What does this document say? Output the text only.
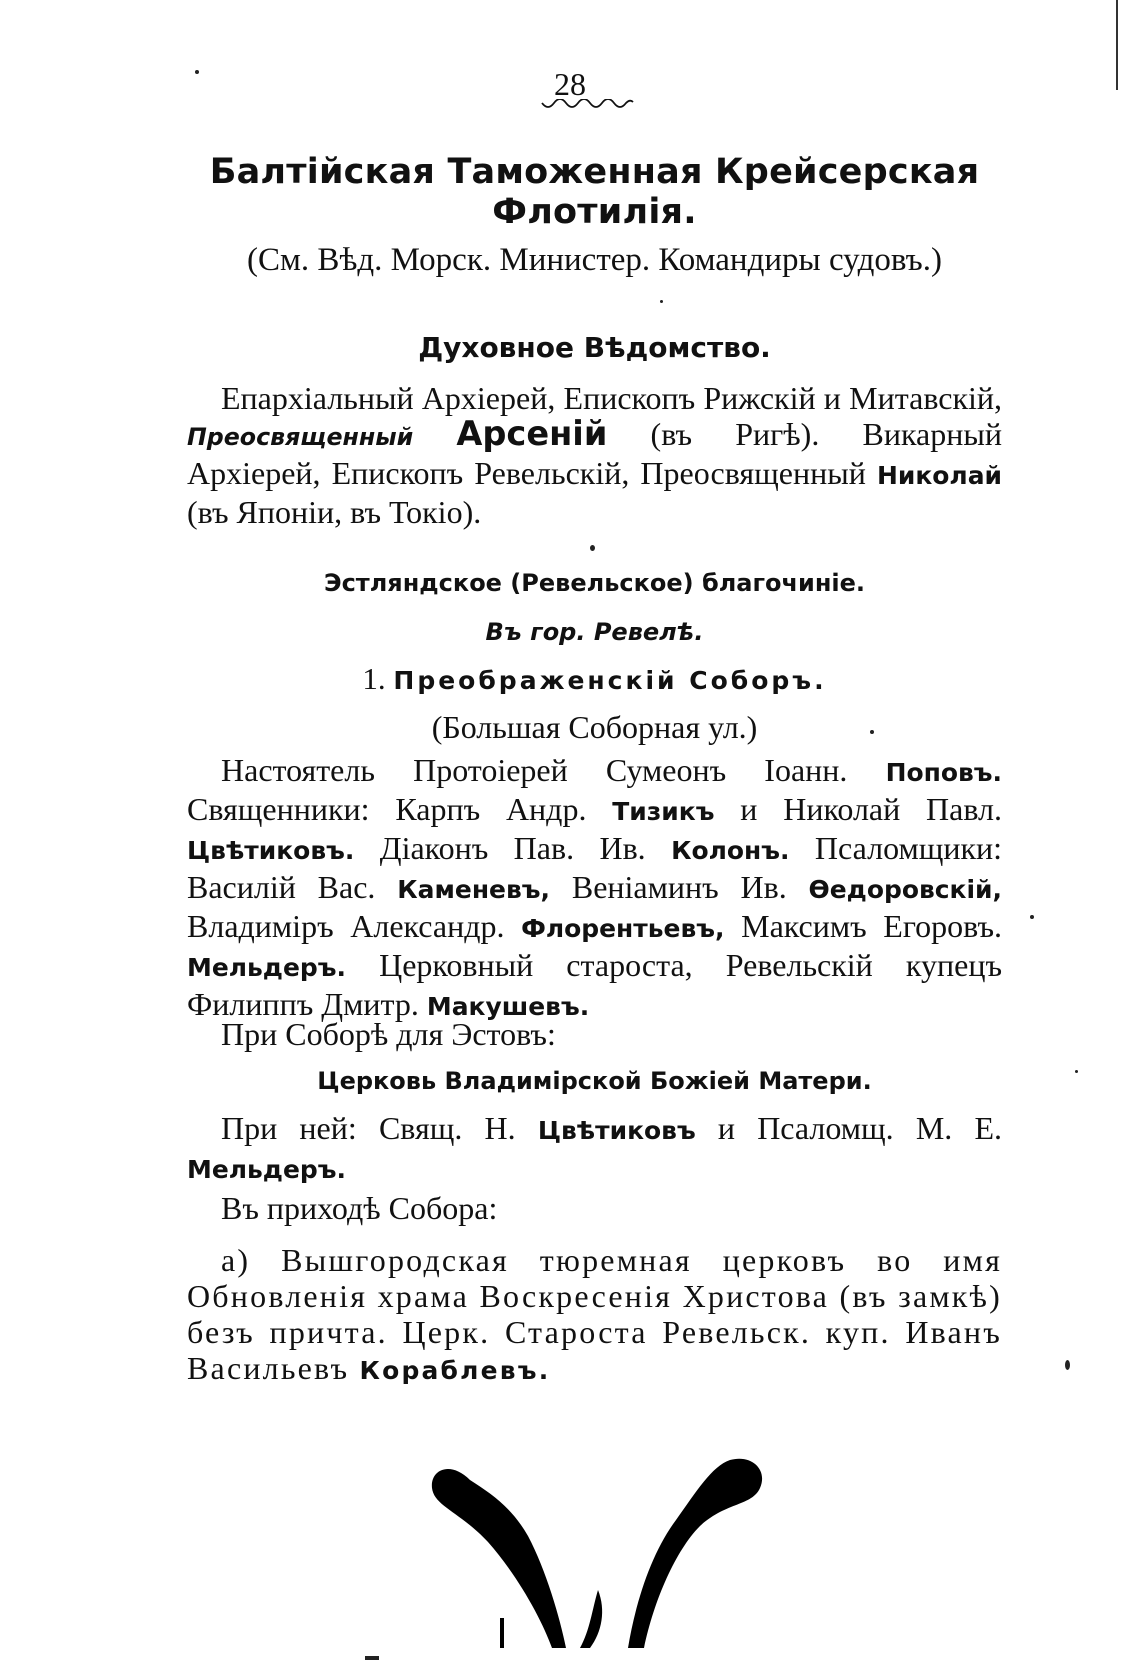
28
Балтійская Таможенная Крейсерская
Флотилія.
(См. Вѣд. Морск. Министер. Командиры судовъ.)
Духовное Вѣдомство.
Епархіальный Архіерей, Епископъ Рижскій и Митавскій, Преосвященный Арсеній (въ Ригѣ). Викарный Архіерей, Епископъ Ревельскій, Преосвященный Николай (въ Японіи, въ Токіо).
Эстляндское (Ревельское) благочиніе.
Въ гор. Ревелѣ.
1. Преображенскій Соборъ.
(Большая Соборная ул.)
Настоятель Протоіерей Сумеонъ Іоанн. Поповъ. Священники: Карпъ Андр. Тизикъ и Николай Павл. Цвѣтиковъ. Діаконъ Пав. Ив. Колонъ. Псаломщики: Василій Вас. Каменевъ, Веніаминъ Ив. Ѳедоровскій, Владиміръ Александр. Флорентьевъ, Максимъ Егоровъ. Мельдеръ. Церковный староста, Ревельскій купецъ Филиппъ Дмитр. Макушевъ.
При Соборѣ для Эстовъ:
Церковь Владимірской Божіей Матери.
При ней: Свящ. Н. Цвѣтиковъ и Псаломщ. М. Е. Мельдеръ.
Въ приходѣ Собора:
а) Вышгородская тюремная церковъ во имя Обновленія храма Воскресенія Христова (въ замкѣ) безъ причта. Церк. Староста Ревельск. куп. Иванъ Васильевъ Кораблевъ.
